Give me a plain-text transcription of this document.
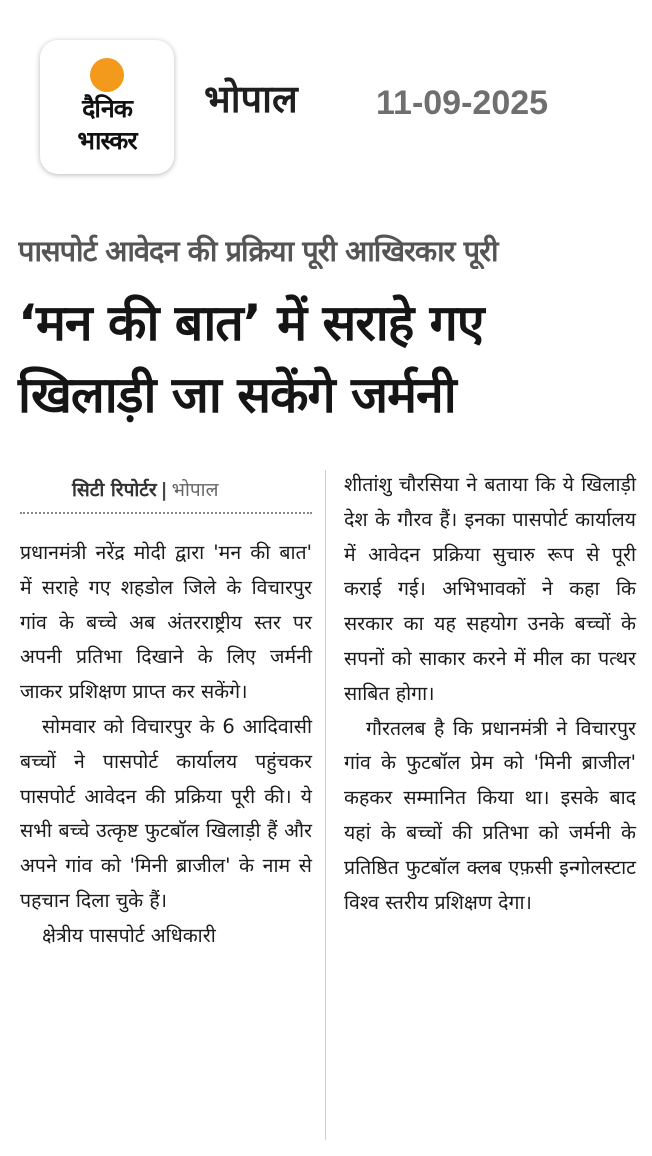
दैनिक
भास्कर
भोपाल 11-09-2025
पासपोर्ट आवेदन की प्रक्रिया पूरी आखिरकार पूरी
‘मन की बात’ में सराहे गए
खिलाड़ी जा सकेंगे जर्मनी
सिटी रिपोर्टर | भोपाल

प्रधानमंत्री नरेंद्र मोदी द्वारा 'मन की बात' में सराहे गए शहडोल जिले के विचारपुर गांव के बच्चे अब अंतरराष्ट्रीय स्तर पर अपनी प्रतिभा दिखाने के लिए जर्मनी जाकर प्रशिक्षण प्राप्त कर सकेंगे।

सोमवार को विचारपुर के 6 आदिवासी बच्चों ने पासपोर्ट कार्यालय पहुंचकर पासपोर्ट आवेदन की प्रक्रिया पूरी की। ये सभी बच्चे उत्कृष्ट फुटबॉल खिलाड़ी हैं और अपने गांव को 'मिनी ब्राजील' के नाम से पहचान दिला चुके हैं।

क्षेत्रीय पासपोर्ट अधिकारी

शीतांशु चौरसिया ने बताया कि ये खिलाड़ी देश के गौरव हैं। इनका पासपोर्ट कार्यालय में आवेदन प्रक्रिया सुचारु रूप से पूरी कराई गई। अभिभावकों ने कहा कि सरकार का यह सहयोग उनके बच्चों के सपनों को साकार करने में मील का पत्थर साबित होगा।

गौरतलब है कि प्रधानमंत्री ने विचारपुर गांव के फुटबॉल प्रेम को 'मिनी ब्राजील' कहकर सम्मानित किया था। इसके बाद यहां के बच्चों की प्रतिभा को जर्मनी के प्रतिष्ठित फुटबॉल क्लब एफ़सी इन्गोलस्टाट विश्व स्तरीय प्रशिक्षण देगा।
